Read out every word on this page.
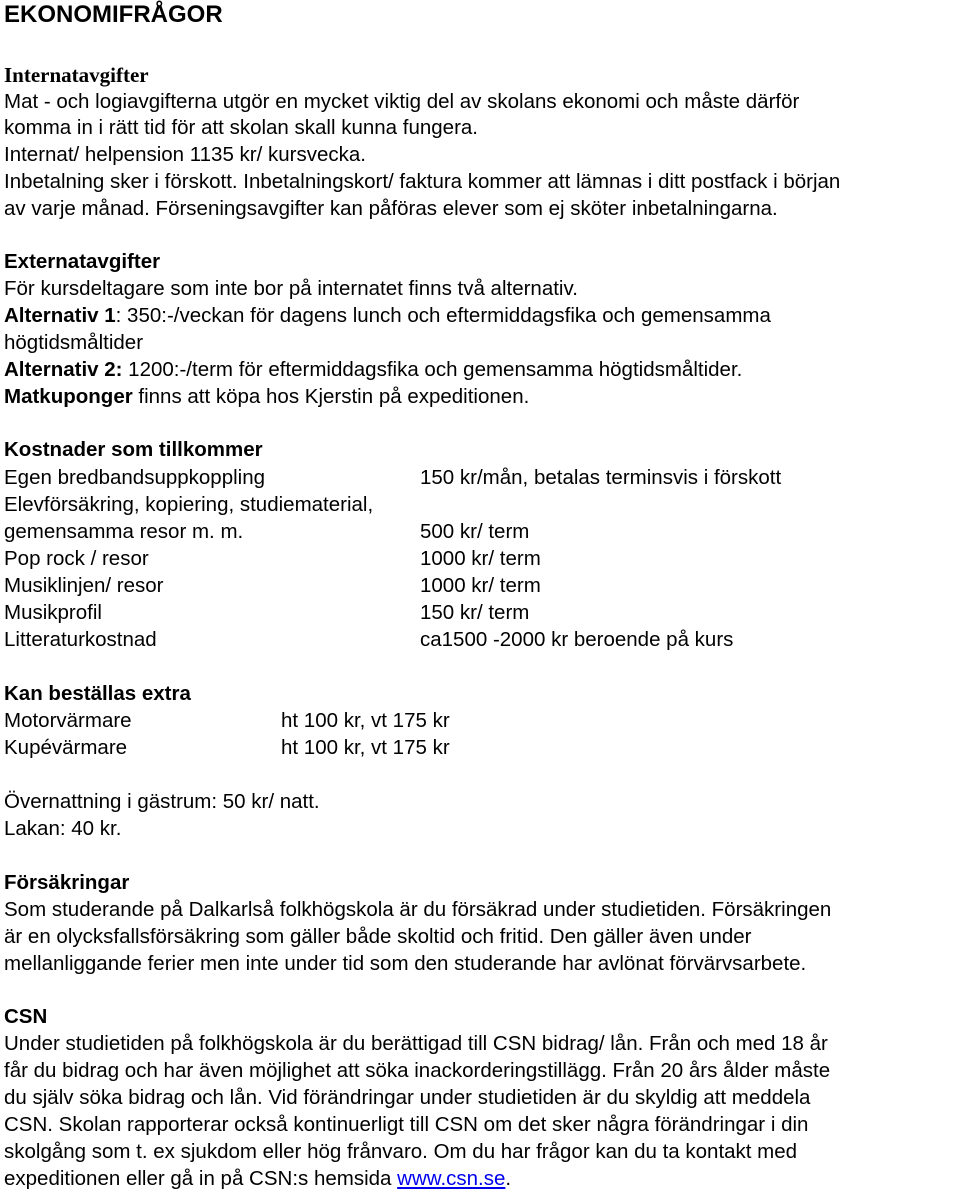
EKONOMIFRÅGOR
Internatavgifter
Mat - och logiavgifterna utgör en mycket viktig del av skolans ekonomi och måste därför
komma in i rätt tid för att skolan skall kunna fungera.
Internat/ helpension 1135 kr/ kursvecka.
Inbetalning sker i förskott. Inbetalningskort/ faktura kommer att lämnas i ditt postfack i början
av varje månad. Förseningsavgifter kan påföras elever som ej sköter inbetalningarna.
Externatavgifter
För kursdeltagare som inte bor på internatet finns två alternativ.
Alternativ 1: 350:-/veckan för dagens lunch och eftermiddagsfika och gemensamma
högtidsmåltider
Alternativ 2: 1200:-/term för eftermiddagsfika och gemensamma högtidsmåltider.
Matkuponger finns att köpa hos Kjerstin på expeditionen.
Kostnader som tillkommer
Egen bredbandsuppkoppling	150 kr/mån, betalas terminsvis i förskott
Elevförsäkring, kopiering, studiematerial,
gemensamma resor m. m.	500 kr/ term
Pop rock / resor	1000 kr/ term
Musiklinjen/ resor	1000 kr/ term
Musikprofil	150 kr/ term
Litteraturkostnad	ca1500 -2000 kr beroende på kurs
Kan beställas extra
Motorvärmare	ht 100 kr, vt 175 kr
Kupévärmare	ht 100 kr, vt 175 kr
Övernattning i gästrum: 50 kr/ natt.
Lakan: 40 kr.
Försäkringar
Som studerande på Dalkarlså folkhögskola är du försäkrad under studietiden. Försäkringen
är en olycksfallsförsäkring som gäller både skoltid och fritid. Den gäller även under
mellanliggande ferier men inte under tid som den studerande har avlönat förvärvsarbete.
CSN
Under studietiden på folkhögskola är du berättigad till CSN bidrag/ lån. Från och med 18 år
får du bidrag och har även möjlighet att söka inackorderingstillägg. Från 20 års ålder måste
du själv söka bidrag och lån. Vid förändringar under studietiden är du skyldig att meddela
CSN. Skolan rapporterar också kontinuerligt till CSN om det sker några förändringar i din
skolgång som t. ex sjukdom eller hög frånvaro. Om du har frågor kan du ta kontakt med
expeditionen eller gå in på CSN:s hemsida www.csn.se.
